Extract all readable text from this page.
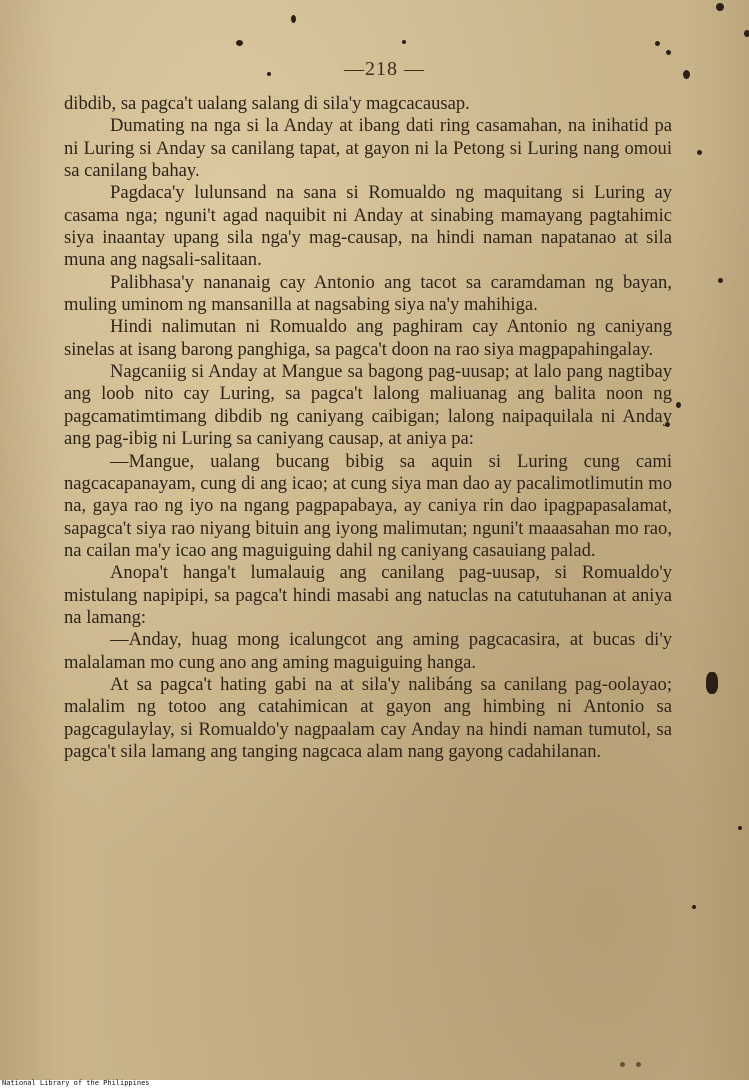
—218 —

dibdib, sa pagca't ualang salang di sila'y magcacausap.

Dumating na nga si la Anday at ibang dati ring casamahan, na inihatid pa ni Luring si Anday sa canilang tapat, at gayon ni la Petong si Luring nang omoui sa canilang bahay.

Pagdaca'y lulunsand na sana si Romualdo ng maquitang si Luring ay casama nga; nguni't agad naquibit ni Anday at sinabing mamayang pagtahimic siya inaantay upang sila nga'y mag-causap, na hindi naman napatanao at sila muna ang nagsali-salitaan.

Palibhasa'y nananaig cay Antonio ang tacot sa caramdaman ng bayan, muling uminom ng mansanilla at nagsabing siya na'y mahihiga.

Hindi nalimutan ni Romualdo ang paghiram cay Antonio ng caniyang sinelas at isang barong panghiga, sa pagca't doon na rao siya magpapahingalay.

Nagcaniig si Anday at Mangue sa bagong pag-uusap; at lalo pang nagtibay ang loob nito cay Luring, sa pagca't lalong maliuanag ang balita noon ng pagcamatimtimang dibdib ng caniyang caibigan; lalong naipaquilala ni Anday ang pag-ibig ni Luring sa caniyang causap, at aniya pa:

—Mangue, ualang bucang bibig sa aquin si Luring cung cami nagcacapanayam, cung di ang icao; at cung siya man dao ay pacalimotlimutin mo na, gaya rao ng iyo na ngang pagpapabaya, ay caniya rin dao ipagpapasalamat, sapagca't siya rao niyang bituin ang iyong malimutan; nguni't maaasahan mo rao, na cailan ma'y icao ang maguiguing dahil ng caniyang casauiang palad.

Anopa't hanga't lumalauig ang canilang pag-uusap, si Romualdo'y mistulang napipipi, sa pagca't hindi masabi ang natuclas na catutuhanan at aniya na lamang:

—Anday, huag mong icalungcot ang aming pagcacasira, at bucas di'y malalaman mo cung ano ang aming maguiguing hanga.

At sa pagca't hating gabi na at sila'y nalibáng sa canilang pag-oolayao; malalim ng totoo ang catahimican at gayon ang himbing ni Antonio sa pagcagulaylay, si Romualdo'y nagpaalam cay Anday na hindi naman tumutol, sa pagca't sila lamang ang tanging nagcaca alam nang gayong cadahilanan.

National Library of the Philippines
